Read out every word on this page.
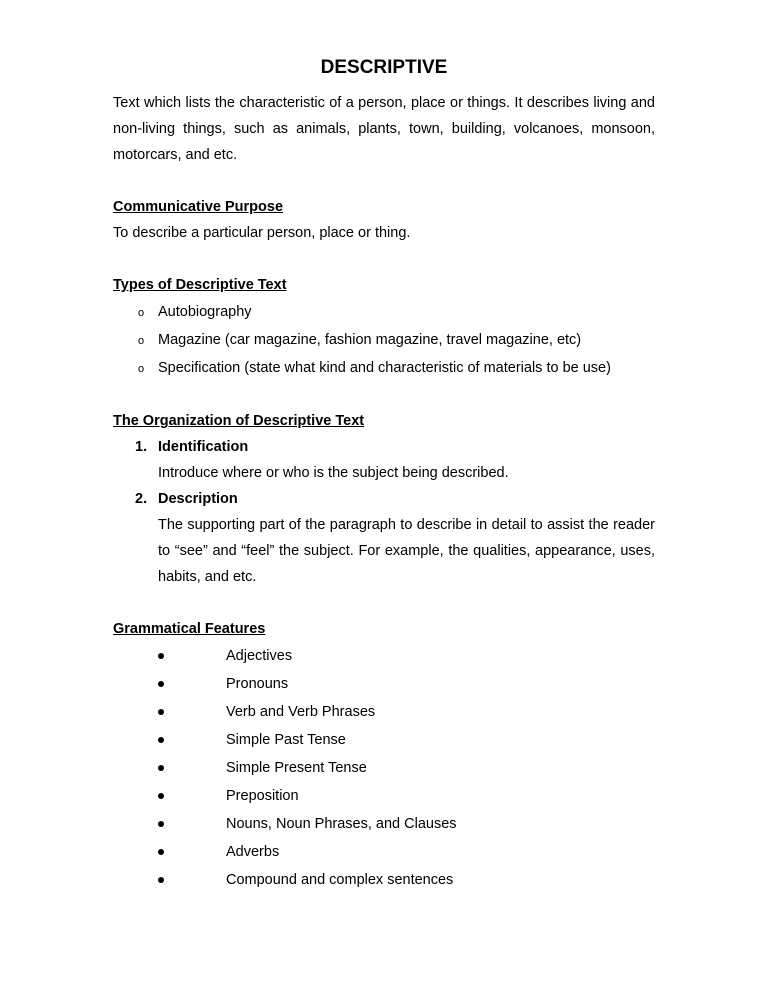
DESCRIPTIVE

Text which lists the characteristic of a person, place or things. It describes living and non-living things, such as animals, plants, town, building, volcanoes, monsoon, motorcars, and etc.

Communicative Purpose

To describe a particular person, place or thing.

Types of Descriptive Text
o Autobiography
o Magazine (car magazine, fashion magazine, travel magazine, etc)
o Specification (state what kind and characteristic of materials to be use)
The Organization of Descriptive Text
1. Identification
Introduce where or who is the subject being described.
2. Description
The supporting part of the paragraph to describe in detail to assist the reader to “see” and “feel” the subject. For example, the qualities, appearance, uses, habits, and etc.
Grammatical Features
Adjectives
Pronouns
Verb and Verb Phrases
Simple Past Tense
Simple Present Tense
Preposition
Nouns, Noun Phrases, and Clauses
Adverbs
Compound and complex sentences
